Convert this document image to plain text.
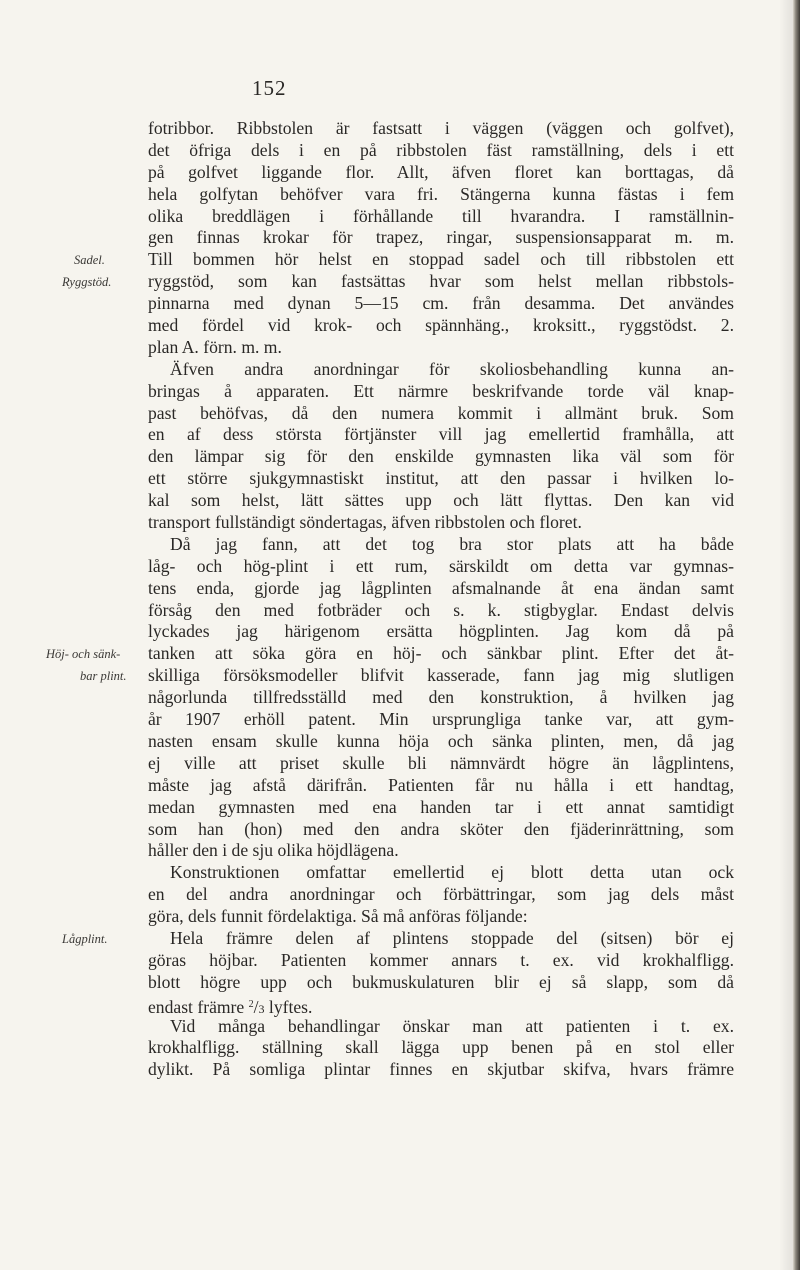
152
Sadel.
Ryggstöd.
Höj- och sänk-
bar plint.
Lågplint.
fotribbor. Ribbstolen är fastsatt i väggen (väggen och golfvet),
det öfriga dels i en på ribbstolen fäst ramställning, dels i ett
på golfvet liggande flor. Allt, äfven floret kan borttagas, då
hela golfytan behöfver vara fri. Stängerna kunna fästas i fem
olika breddlägen i förhållande till hvarandra. I ramställnin-
gen finnas krokar för trapez, ringar, suspensionsapparat m. m.
Till bommen hör helst en stoppad sadel och till ribbstolen ett
ryggstöd, som kan fastsättas hvar som helst mellan ribbstols-
pinnarna med dynan 5—15 cm. från desamma. Det användes
med fördel vid krok- och spännhäng., kroksitt., ryggstödst. 2.
plan A. förn. m. m.
Äfven andra anordningar för skoliosbehandling kunna an-
bringas å apparaten. Ett närmre beskrifvande torde väl knap-
past behöfvas, då den numera kommit i allmänt bruk. Som
en af dess största förtjänster vill jag emellertid framhålla, att
den lämpar sig för den enskilde gymnasten lika väl som för
ett större sjukgymnastiskt institut, att den passar i hvilken lo-
kal som helst, lätt sättes upp och lätt flyttas. Den kan vid
transport fullständigt söndertagas, äfven ribbstolen och floret.
Då jag fann, att det tog bra stor plats att ha både
låg- och hög-plint i ett rum, särskildt om detta var gymnas-
tens enda, gjorde jag lågplinten afsmalnande åt ena ändan samt
försåg den med fotbräder och s. k. stigbyglar. Endast delvis
lyckades jag härigenom ersätta högplinten. Jag kom då på
tanken att söka göra en höj- och sänkbar plint. Efter det åt-
skilliga försöksmodeller blifvit kasserade, fann jag mig slutligen
någorlunda tillfredsställd med den konstruktion, å hvilken jag
år 1907 erhöll patent. Min ursprungliga tanke var, att gym-
nasten ensam skulle kunna höja och sänka plinten, men, då jag
ej ville att priset skulle bli nämnvärdt högre än lågplintens,
måste jag afstå därifrån. Patienten får nu hålla i ett handtag,
medan gymnasten med ena handen tar i ett annat samtidigt
som han (hon) med den andra sköter den fjäderinrättning, som
håller den i de sju olika höjdlägena.
Konstruktionen omfattar emellertid ej blott detta utan ock
en del andra anordningar och förbättringar, som jag dels måst
göra, dels funnit fördelaktiga. Så må anföras följande:
Hela främre delen af plintens stoppade del (sitsen) bör ej
göras höjbar. Patienten kommer annars t. ex. vid krokhalfligg.
blott högre upp och bukmuskulaturen blir ej så slapp, som då
endast främre $^2$/3 lyftes.
Vid många behandlingar önskar man att patienten i t. ex.
krokhalfligg. ställning skall lägga upp benen på en stol eller
dylikt. På somliga plintar finnes en skjutbar skifva, hvars främre
